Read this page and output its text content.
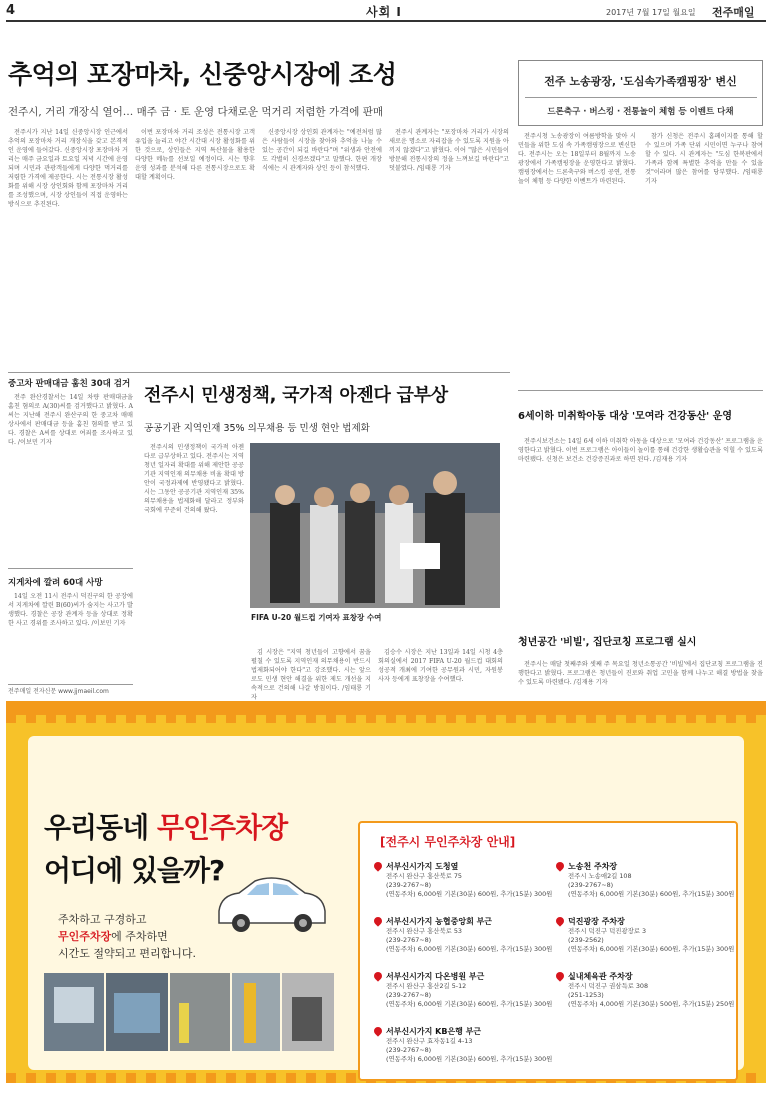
4	사회 Ⅰ	2017년 7월 17일 월요일 전주매일
추억의 포장마차, 신중앙시장에 조성
전주시, 거리 개장식 열어… 매주 금 · 토 운영 다채로운 먹거리 저렴한 가격에 판매

전주시가 지난 14일 신중앙시장 인근에서 추억의 포장마차 거리 개장식을 갖고 본격적인 운영에 들어갔다. 신중앙시장 포장마차 거리는 매주 금요일과 토요일 저녁 시간에 운영되며 시민과 관광객들에게 다양한 먹거리를 저렴한 가격에 제공한다. 시는 전통시장 활성화를 위해 시장 상인회와 함께 포장마차 거리를 조성했으며, 시장 상인들이 직접 운영하는 방식으로 추진된다.

이번 포장마차 거리 조성은 전통시장 고객 유입을 늘리고 야간 시간대 시장 활성화를 위한 것으로, 상인들은 지역 특산물을 활용한 다양한 메뉴를 선보일 예정이다. 시는 향후 운영 성과를 분석해 다른 전통시장으로도 확대할 계획이다.

신중앙시장 상인회 관계자는 "예전처럼 많은 사람들이 시장을 찾아와 추억을 나눌 수 있는 공간이 되길 바란다"며 "위생과 안전에도 각별히 신경쓰겠다"고 말했다. 한편 개장식에는 시 관계자와 상인 등이 참석했다.

전주시 관계자는 "포장마차 거리가 시장의 새로운 명소로 자리잡을 수 있도록 지원을 아끼지 않겠다"고 밝혔다. 이어 "많은 시민들이 방문해 전통시장의 정을 느껴보길 바란다"고 덧붙였다. /임태룡 기자

전주 노송광장, '도심속가족캠핑장' 변신
드론축구 · 버스킹 · 전통놀이 체험 등 이벤트 다채

전주시청 노송광장이 여름방학을 맞아 시민들을 위한 도심 속 가족캠핑장으로 변신한다. 전주시는 오는 18일부터 8월까지 노송광장에서 가족캠핑장을 운영한다고 밝혔다. 캠핑장에서는 드론축구와 버스킹 공연, 전통놀이 체험 등 다양한 이벤트가 마련된다.

참가 신청은 전주시 홈페이지를 통해 할 수 있으며 가족 단위 시민이면 누구나 참여할 수 있다. 시 관계자는 "도심 한복판에서 가족과 함께 특별한 추억을 만들 수 있을 것"이라며 많은 참여를 당부했다. /임태룡 기자

중고차 판매대금 훔친 30대 검거

전주 완산경찰서는 14일 차량 판매대금을 훔친 혐의로 A(30)씨를 검거했다고 밝혔다. A씨는 지난해 전주시 완산구의 한 중고차 매매상사에서 판매대금 등을 훔친 혐의를 받고 있다. 경찰은 A씨를 상대로 여죄를 조사하고 있다. /이보민 기자

지게차에 깔려 60대 사망

14일 오전 11시 전주시 덕진구의 한 공장에서 지게차에 깔린 B(60)씨가 숨지는 사고가 발생했다. 경찰은 공장 관계자 등을 상대로 정확한 사고 경위를 조사하고 있다. /이보민 기자

전주매일 전자신문 www.jjmaeil.com
전주시 민생정책, 국가적 아젠다 급부상
공공기관 지역인재 35% 의무채용 등 민생 현안 법제화

전주시의 민생정책이 국가적 아젠다로 급부상하고 있다. 전주시는 지역 청년 일자리 확대를 위해 제안한 공공기관 지역인재 의무채용 비율 확대 방안이 국정과제에 반영됐다고 밝혔다. 시는 그동안 공공기관 지역인재 35% 의무채용을 법제화해 달라고 정부와 국회에 꾸준히 건의해 왔다.

김 시장은 "지역 청년들이 고향에서 꿈을 펼칠 수 있도록 지역인재 의무채용이 반드시 법제화되어야 한다"고 강조했다. 시는 앞으로도 민생 현안 해결을 위한 제도 개선을 지속적으로 건의해 나갈 방침이다. /임태룡 기자

김승수 시장은 지난 13일과 14일 시청 4층 회의실에서 2017 FIFA U-20 월드컵 대회의 성공적 개최에 기여한 공무원과 시민, 자원봉사자 등에게 표창장을 수여했다.

FIFA U-20 월드컵 기여자 표창장 수여
6세이하 미취학아동 대상 '모여라 건강동산' 운영

전주시보건소는 14일 6세 이하 미취학 아동을 대상으로 '모여라 건강동산' 프로그램을 운영한다고 밝혔다. 이번 프로그램은 아이들이 놀이를 통해 건강한 생활습관을 익힐 수 있도록 마련됐다. 신청은 보건소 건강증진과로 하면 된다. /김재용 기자

청년공간 '비빌', 집단코칭 프로그램 실시

전주시는 매달 첫째주와 셋째 주 목요일 청년소통공간 '비빌'에서 집단코칭 프로그램을 진행한다고 밝혔다. 프로그램은 청년들이 진로와 취업 고민을 함께 나누고 해결 방법을 찾을 수 있도록 마련됐다. /김재용 기자

우리동네 무인주차장
어디에 있을까?
주차하고 구경하고
무인주차장에 주차하면
시간도 절약되고 편리합니다.
[전주시 무인주차장 안내]
서부신시가지 도청옆
전주시 완산구 홍산북로 75
(239-2767~8)
(연동주차) 6,000원 기본(30분) 600원, 추가(15분) 300원
서부신시가지 농협중앙회 부근
전주시 완산구 홍산북로 53
(239-2767~8)
(연동주차) 6,000원 기본(30분) 600원, 추가(15분) 300원
서부신시가지 다온병원 부근
전주시 완산구 홍산2길 5-12
(239-2767~8)
(연동주차) 6,000원 기본(30분) 600원, 추가(15분) 300원
서부신시가지 KB은행 부근
전주시 완산구 효자동1길 4-13
(239-2767~8)
(연동주차) 6,000원 기본(30분) 600원, 추가(15분) 300원
노송천 주차장
전주시 노송애2길 108
(239-2767~8)
(연동주차) 6,000원 기본(30분) 600원, 추가(15분) 300원
덕진광장 주차장
전주시 덕진구 덕진광장로 3
(239-2562)
(연동주차) 6,000원 기본(30분) 600원, 추가(15분) 300원
실내체육관 주차장
전주시 덕진구 권삼득로 308
(251-1253)
(연동주차) 4,000원 기본(30분) 500원, 추가(15분) 250원
